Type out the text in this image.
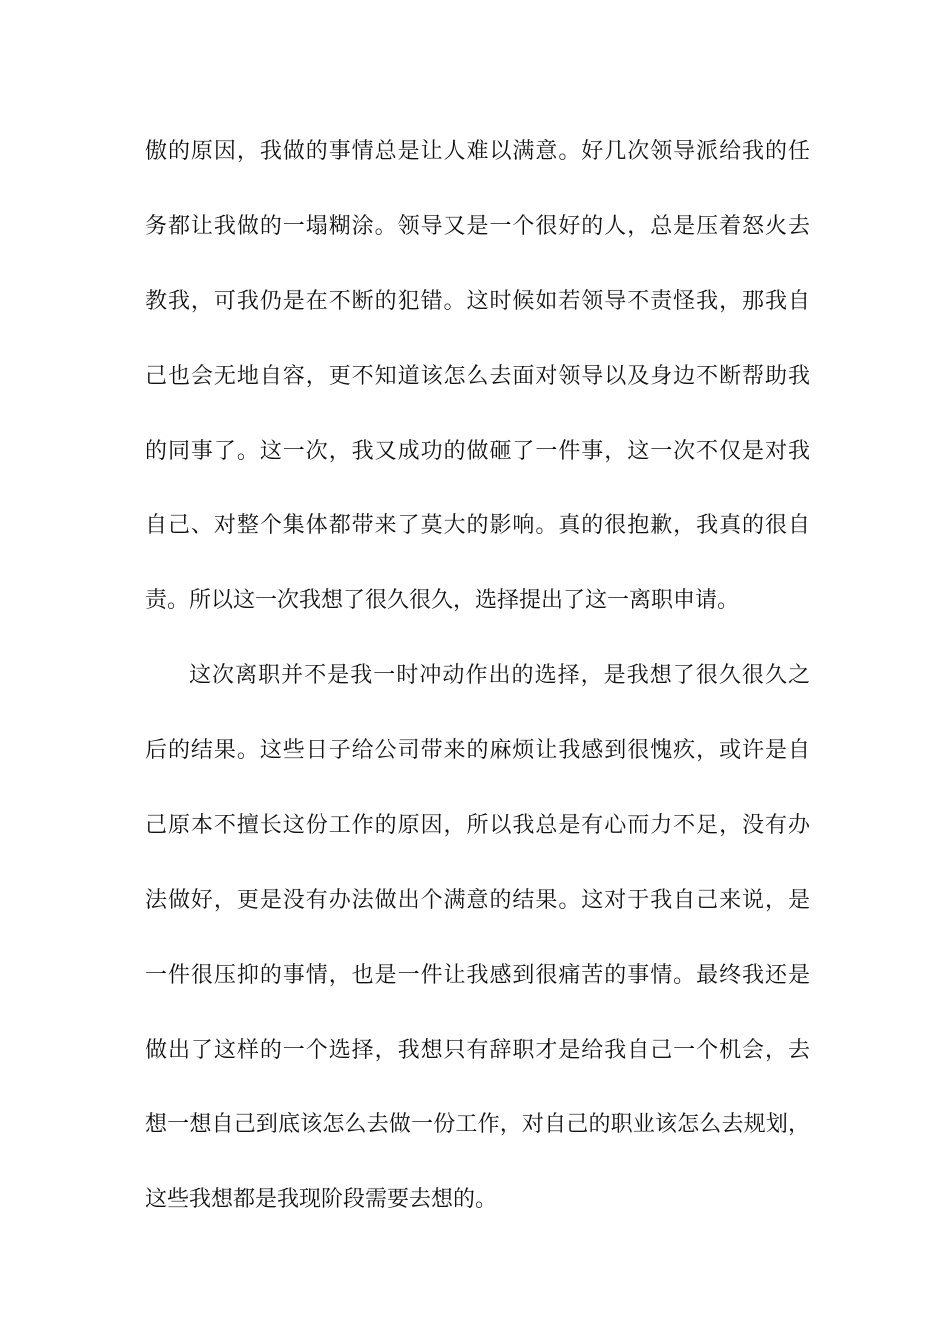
傲的原因，我做的事情总是让人难以满意。好几次领导派给我的任
务都让我做的一塌糊涂。领导又是一个很好的人，总是压着怒火去
教我，可我仍是在不断的犯错。这时候如若领导不责怪我，那我自
己也会无地自容，更不知道该怎么去面对领导以及身边不断帮助我
的同事了。这一次，我又成功的做砸了一件事，这一次不仅是对我
自己、对整个集体都带来了莫大的影响。真的很抱歉，我真的很自
责。所以这一次我想了很久很久，选择提出了这一离职申请。
这次离职并不是我一时冲动作出的选择，是我想了很久很久之
后的结果。这些日子给公司带来的麻烦让我感到很愧疚，或许是自
己原本不擅长这份工作的原因，所以我总是有心而力不足，没有办
法做好，更是没有办法做出个满意的结果。这对于我自己来说，是
一件很压抑的事情，也是一件让我感到很痛苦的事情。最终我还是
做出了这样的一个选择，我想只有辞职才是给我自己一个机会，去
想一想自己到底该怎么去做一份工作，对自己的职业该怎么去规划，
这些我想都是我现阶段需要去想的。
